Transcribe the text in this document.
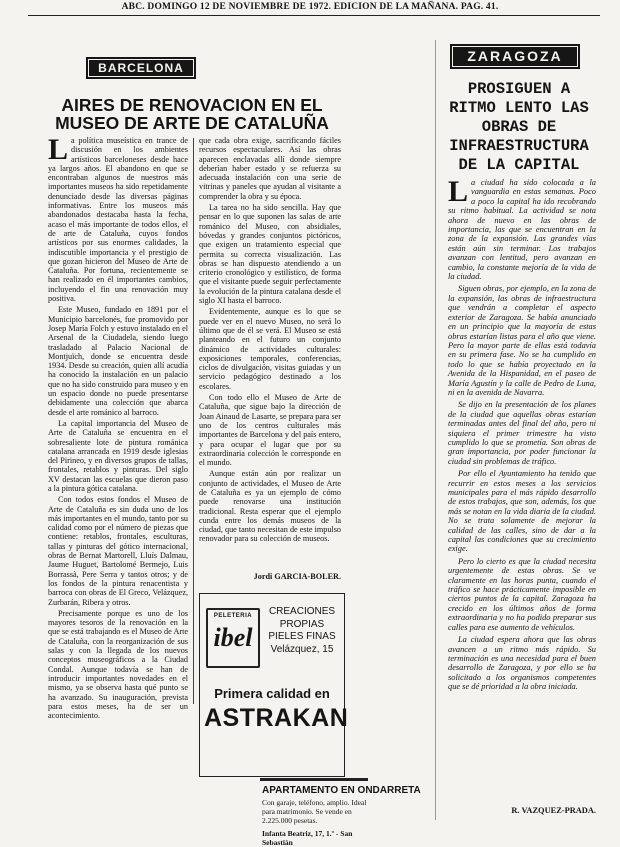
ABC. DOMINGO 12 DE NOVIEMBRE DE 1972. EDICION DE LA MAÑANA. PAG. 41.
BARCELONA
AIRES DE RENOVACION EN EL MUSEO DE ARTE DE CATALUÑA
L a política museística en trance de discusión en los ambientes artísticos barceloneses desde hace ya largos años. El abandono en que se encontraban algunos de nuestros más importantes museos ha sido repetidamente denunciado desde las diversas páginas informativas. Entre los museos más abandonados destacaba hasta la fecha, acaso el más importante de todos ellos, el de arte de Cataluña, cuyos fondos artísticos por sus enormes calidades, la indiscutible importancia y el prestigio de que gozan hicieron del Museo de Arte de Cataluña. Por fortuna, recientemente se han realizado en él importantes cambios, incluyendo el fin una renovación muy positiva.

Este Museo, fundado en 1891 por el Municipio barcelonés, fue promovido por Josep María Folch y estuvo instalado en el Arsenal de la Ciudadela, siendo luego trasladado al Palacio Nacional de Montjuïch, donde se encuentra desde 1934. Desde su creación, quien allí acudía ha conocido la instalación en un palacio que no ha sido construido para museo y en un espacio donde no puede presentarse debidamente una colección que abarca desde el arte románico al barroco.

La capital importancia del Museo de Arte de Cataluña se encuentra en el sobresaliente lote de pintura románica catalana arrancada en 1919 desde iglesias del Pirineo, y en diversos grupos de tallas, frontales, retablos y pinturas. Del siglo XV destacan las escuelas que dieron paso a la pintura gótica catalana.

Con todos estos fondos el Museo de Arte de Cataluña es sin duda uno de los más importantes en el mundo, tanto por su calidad como por el número de piezas que contiene: retablos, frontales, esculturas, tallas y pinturas del gótico internacional, obras de Bernat Martorell, Lluís Dalmau, Jaume Huguet, Bartolomé Bermejo, Luis Borrassà, Pere Serra y tantos otros; y de los fondos de la pintura renacentista y barroca con obras de El Greco, Velázquez, Zurbarán, Ribera y otros.

Precisamente porque es uno de los mayores tesoros de la renovación en la que se está trabajando es el Museo de Arte de Cataluña, con la reorganización de sus salas y con la llegada de los nuevos conceptos museográficos a la Ciudad Condal. Aunque todavía se han de introducir importantes novedades en el mismo, ya se observa hasta qué punto se ha avanzado. Su inauguración, prevista para estos meses, ha de ser un acontecimiento.

que cada obra exige, sacrificando fáciles recursos espectaculares. Así las obras aparecen enclavadas allí donde siempre deberían haber estado y se refuerza su adecuada instalación con una serie de vitrinas y paneles que ayudan al visitante a comprender la obra y su época.

La tarea no ha sido sencilla. Hay que pensar en lo que suponen las salas de arte románico del Museo, con absidiales, bóvedas y grandes conjuntos pictóricos, que exigen un tratamiento especial que permita su correcta visualización. Las obras se han dispuesto atendiendo a un criterio cronológico y estilístico, de forma que el visitante puede seguir perfectamente la evolución de la pintura catalana desde el siglo XI hasta el barroco.

Evidentemente, aunque es lo que se puede ver en el nuevo Museo, no será lo último que de él se verá. El Museo se está planteando en el futuro un conjunto dinámico de actividades culturales: exposiciones temporales, conferencias, ciclos de divulgación, visitas guiadas y un servicio pedagógico destinado a los escolares.

Con todo ello el Museo de Arte de Cataluña, que sigue bajo la dirección de Joan Ainaud de Lasarte, se prepara para ser uno de los centros culturales más importantes de Barcelona y del país entero, y para ocupar el lugar que por su extraordinaria colección le corresponde en el mundo.

Aunque están aún por realizar un conjunto de actividades, el Museo de Arte de Cataluña es ya un ejemplo de cómo puede renovarse una institución tradicional. Resta esperar que el ejemplo cunda entre los demás museos de la ciudad, que tanto necesitan de este impulso renovador para su colección de museos.

Jordi GARCIA-BOLER.
PELETERIA
ibel
CREACIONES
PROPIAS
PIELES FINAS
Velázquez, 15
Primera calidad en
ASTRAKAN
APARTAMENTO EN ONDARRETA
Con garaje, teléfono, amplio. Ideal para matrimonio. Se vende en 2.225.000 pesetas.
Infanta Beatriz, 17, 1.º - San Sebastián
ZARAGOZA
PROSIGUEN A RITMO LENTO LAS OBRAS DE INFRAESTRUCTURA DE LA CAPITAL
L a ciudad ha sido colocada a la vanguardia en estas semanas. Poco a poco la capital ha ido recobrando su ritmo habitual. La actividad se nota ahora de nuevo en las obras de importancia, las que se encuentran en la zona de la expansión. Las grandes vías están aún sin terminar. Los trabajos avanzan con lentitud, pero avanzan en cambio, la constante mejoría de la vida de la ciudad.

Siguen obras, por ejemplo, en la zona de la expansión, las obras de infraestructura que vendrán a completar el aspecto exterior de Zaragoza. Se había anunciado en un principio que la mayoría de estas obras estarían listas para el año que viene. Pero la mayor parte de ellas está todavía en su primera fase. No se ha cumplido en todo lo que se había proyectado en la Avenida de la Hispanidad, en el paseo de María Agustín y la calle de Pedro de Luna, ni en la avenida de Navarra.

Se dijo en la presentación de los planes de la ciudad que aquellas obras estarían terminadas antes del final del año, pero ni siquiera el primer trimestre ha visto cumplido lo que se prometía. Son obras de gran importancia, por poder funcionar la ciudad sin problemas de tráfico.

Por ello el Ayuntamiento ha tenido que recurrir en estos meses a los servicios municipales para el más rápido desarrollo de estos trabajos, que son, además, los que más se notan en la vida diaria de la ciudad. No se trata solamente de mejorar la calidad de las calles, sino de dar a la capital las condiciones que su crecimiento exige.

Pero lo cierto es que la ciudad necesita urgentemente de estas obras. Se ve claramente en las horas punta, cuando el tráfico se hace prácticamente imposible en ciertos puntos de la capital. Zaragoza ha crecido en los últimos años de forma extraordinaria y no ha podido preparar sus calles para ese aumento de vehículos.

La ciudad espera ahora que las obras avancen a un ritmo más rápido. Su terminación es una necesidad para el buen desarrollo de Zaragoza, y por ello se ha solicitado a los organismos competentes que se dé prioridad a la obra iniciada.

R. VAZQUEZ-PRADA.
